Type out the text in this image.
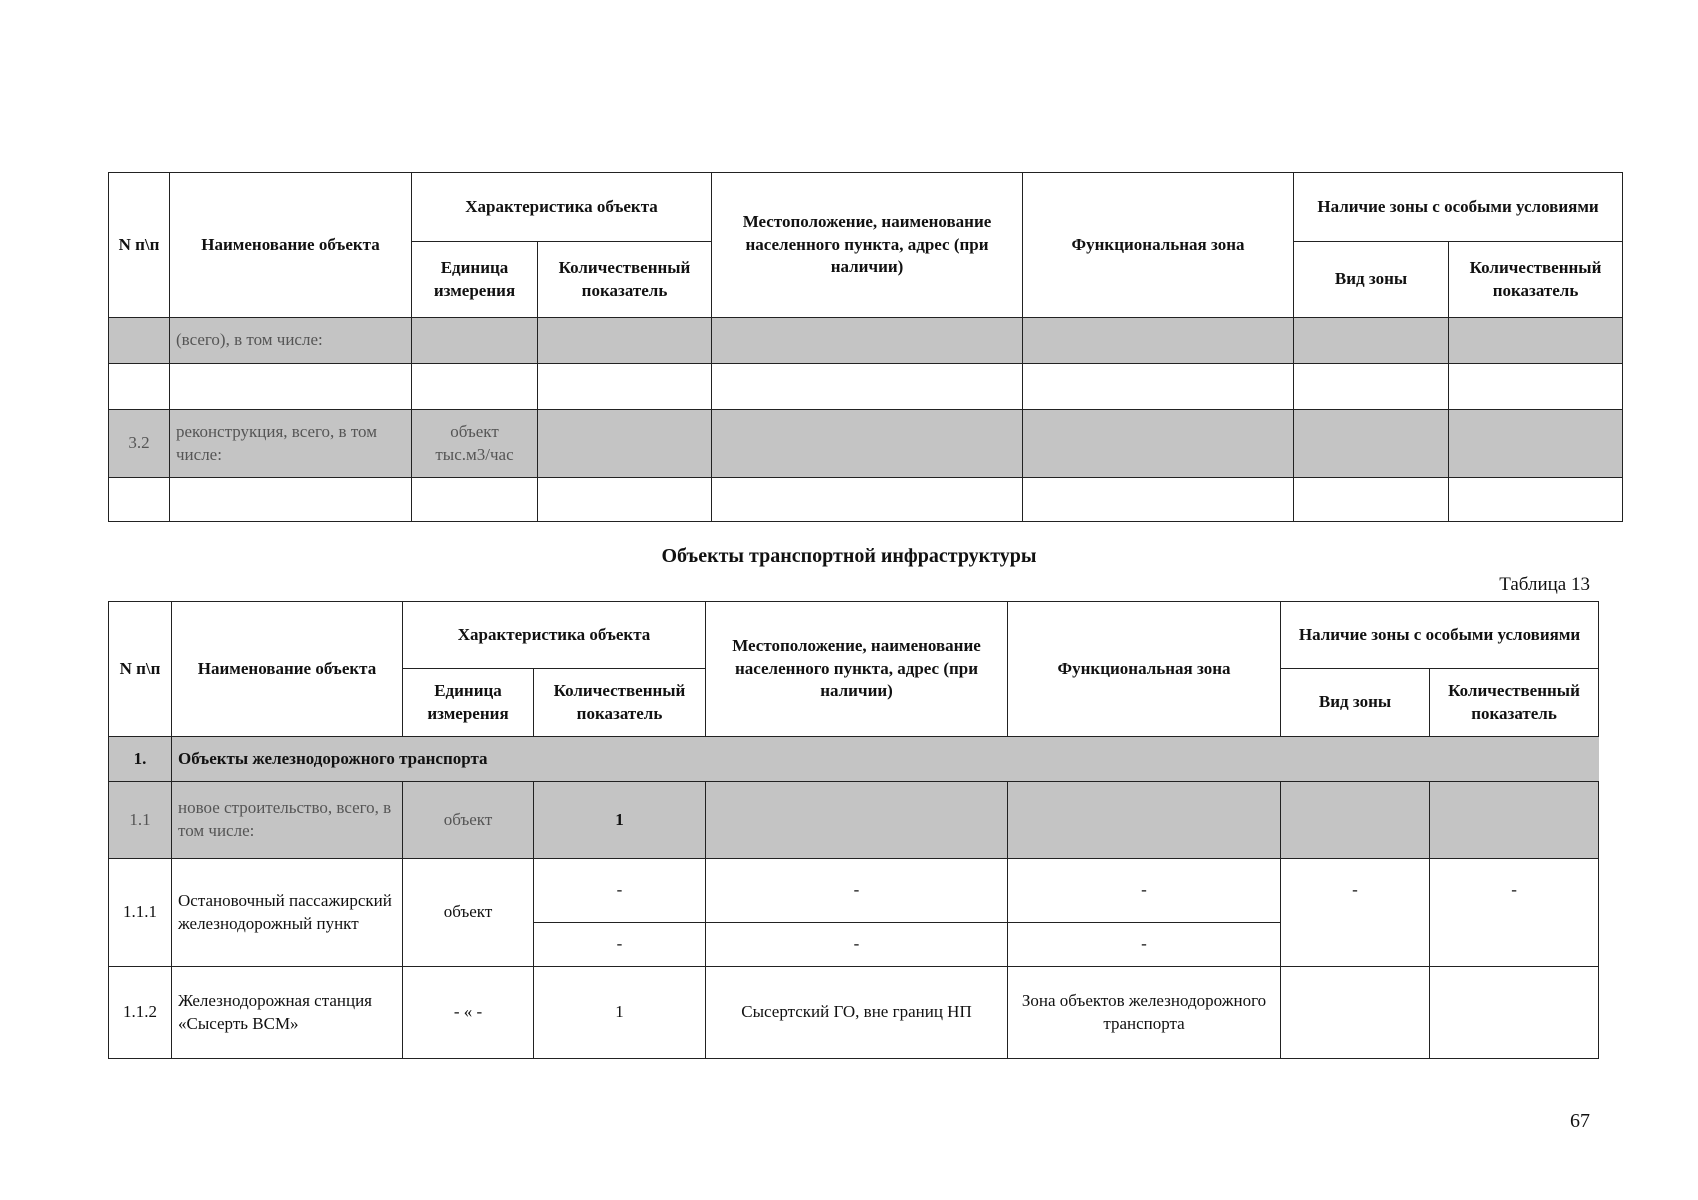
N п\п	Наименование объекта	Характеристика объекта		Местоположение, наименование населенного пункта, адрес (при наличии)	Функциональная зона	Наличие зоны с особыми условиями	
		Единица измерения	Количественный показатель			Вид зоны	Количественный показатель
	(всего), в том числе:						

3.2	реконструкция, всего, в том числе:	объект
тыс.м3/час					

Объекты транспортной инфраструктуры
Таблица 13
N п\п	Наименование объекта	Характеристика объекта		Местоположение, наименование населенного пункта, адрес (при наличии)	Функциональная зона	Наличие зоны с особыми условиями	
		Единица измерения	Количественный показатель			Вид зоны	Количественный показатель
1.	Объекты железнодорожного транспорта						
1.1	новое строительство, всего, в том числе:	объект	1				
1.1.1	Остановочный пассажирский железнодорожный пункт	объект	-	-	-	-	-
			-	-	-		
1.1.2	Железнодорожная станция «Сысерть ВСМ»	- « -	1	Сысертский ГО, вне границ НП	Зона объектов железнодорожного транспорта		
67
